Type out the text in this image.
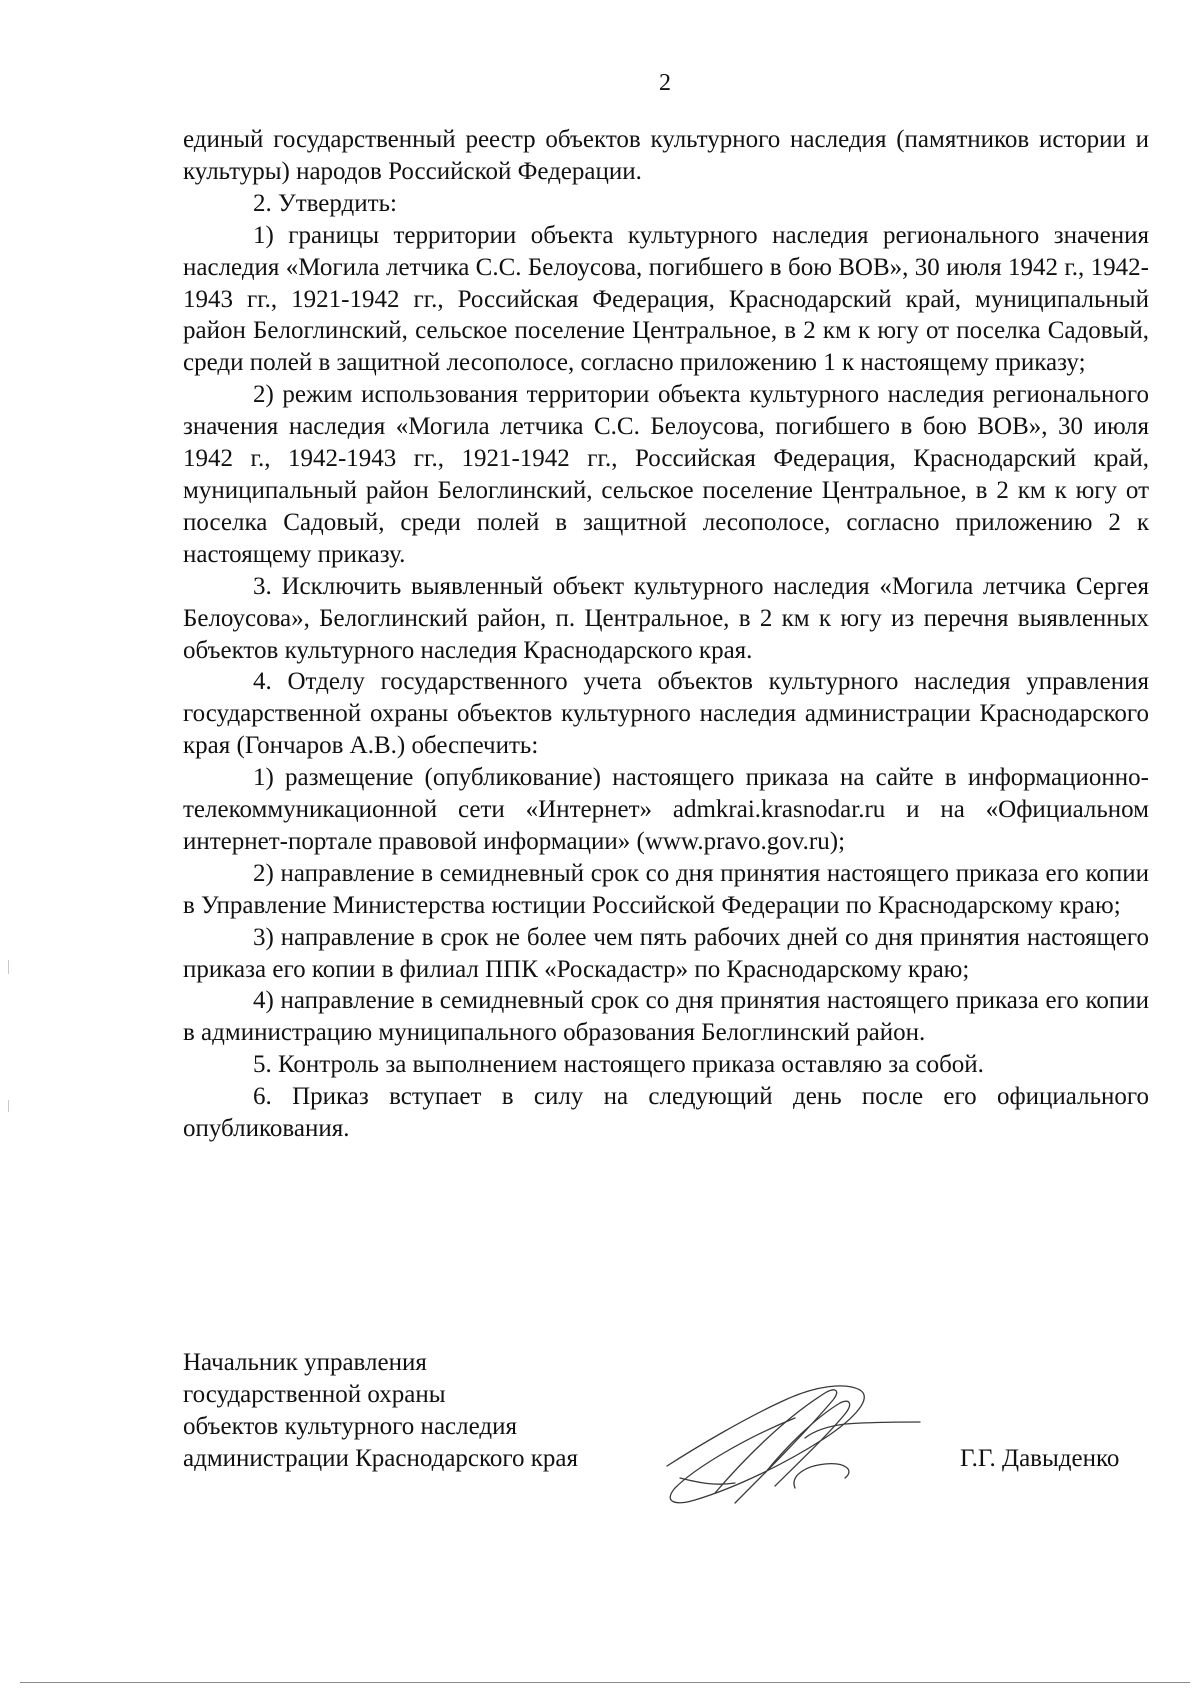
2

единый государственный реестр объектов культурного наследия (памятников истории и культуры) народов Российской Федерации.

2. Утвердить:

1) границы территории объекта культурного наследия регионального значения наследия «Могила летчика С.С. Белоусова, погибшего в бою ВОВ», 30 июля 1942 г., 1942-1943 гг., 1921-1942 гг., Российская Федерация, Краснодарский край, муниципальный район Белоглинский, сельское поселение Центральное, в 2 км к югу от поселка Садовый, среди полей в защитной лесополосе, согласно приложению 1 к настоящему приказу;

2) режим использования территории объекта культурного наследия регионального значения наследия «Могила летчика С.С. Белоусова, погибшего в бою ВОВ», 30 июля 1942 г., 1942-1943 гг., 1921-1942 гг., Российская Федерация, Краснодарский край, муниципальный район Белоглинский, сельское поселение Центральное, в 2 км к югу от поселка Садовый, среди полей в защитной лесополосе, согласно приложению 2 к настоящему приказу.

3. Исключить выявленный объект культурного наследия «Могила летчика Сергея Белоусова», Белоглинский район, п. Центральное, в 2 км к югу из перечня выявленных объектов культурного наследия Краснодарского края.

4. Отделу государственного учета объектов культурного наследия управления государственной охраны объектов культурного наследия администрации Краснодарского края (Гончаров А.В.) обеспечить:

1) размещение (опубликование) настоящего приказа на сайте в информационно-телекоммуникационной сети «Интернет» admkrai.krasnodar.ru и на «Официальном интернет-портале правовой информации» (www.pravo.gov.ru);

2) направление в семидневный срок со дня принятия настоящего приказа его копии в Управление Министерства юстиции Российской Федерации по Краснодарскому краю;

3) направление в срок не более чем пять рабочих дней со дня принятия настоящего приказа его копии в филиал ППК «Роскадастр» по Краснодарскому краю;

4) направление в семидневный срок со дня принятия настоящего приказа его копии в администрацию муниципального образования Белоглинский район.

5. Контроль за выполнением настоящего приказа оставляю за собой.

6. Приказ вступает в силу на следующий день после его официального опубликования.

Начальник управления
государственной охраны
объектов культурного наследия
администрации Краснодарского края	Г.Г. Давыденко
